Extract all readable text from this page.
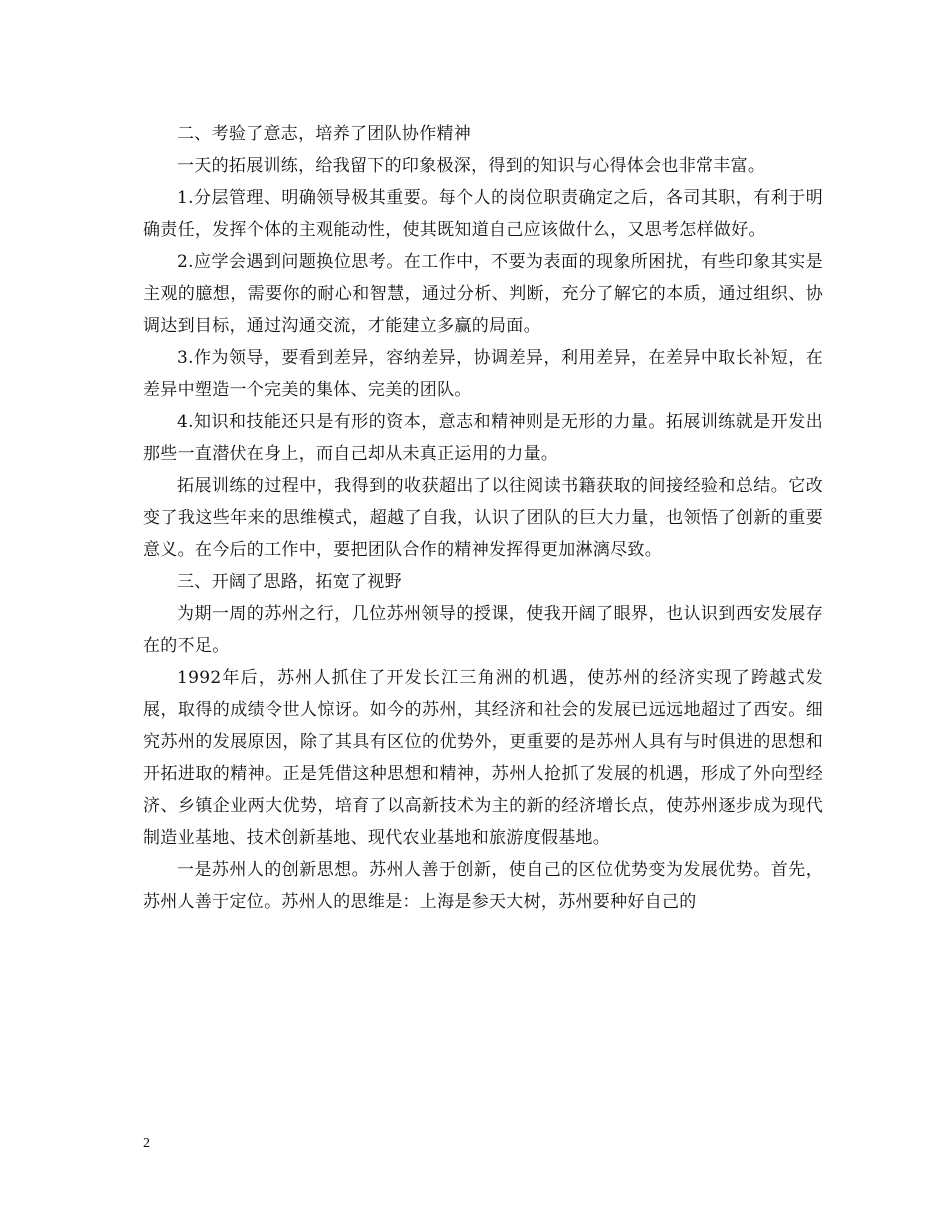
二、考验了意志，培养了团队协作精神

一天的拓展训练，给我留下的印象极深，得到的知识与心得体会也非常丰富。

1.分层管理、明确领导极其重要。每个人的岗位职责确定之后，各司其职，有利于明确责任，发挥个体的主观能动性，使其既知道自己应该做什么，又思考怎样做好。

2.应学会遇到问题换位思考。在工作中，不要为表面的现象所困扰，有些印象其实是主观的臆想，需要你的耐心和智慧，通过分析、判断，充分了解它的本质，通过组织、协调达到目标，通过沟通交流，才能建立多赢的局面。

3.作为领导，要看到差异，容纳差异，协调差异，利用差异，在差异中取长补短，在差异中塑造一个完美的集体、完美的团队。

4.知识和技能还只是有形的资本，意志和精神则是无形的力量。拓展训练就是开发出那些一直潜伏在身上，而自己却从未真正运用的力量。

拓展训练的过程中，我得到的收获超出了以往阅读书籍获取的间接经验和总结。它改变了我这些年来的思维模式，超越了自我，认识了团队的巨大力量，也领悟了创新的重要意义。在今后的工作中，要把团队合作的精神发挥得更加淋漓尽致。

三、开阔了思路，拓宽了视野

为期一周的苏州之行，几位苏州领导的授课，使我开阔了眼界，也认识到西安发展存在的不足。

1992年后，苏州人抓住了开发长江三角洲的机遇，使苏州的经济实现了跨越式发展，取得的成绩令世人惊讶。如今的苏州，其经济和社会的发展已远远地超过了西安。细究苏州的发展原因，除了其具有区位的优势外，更重要的是苏州人具有与时俱进的思想和开拓进取的精神。正是凭借这种思想和精神，苏州人抢抓了发展的机遇，形成了外向型经济、乡镇企业两大优势，培育了以高新技术为主的新的经济增长点，使苏州逐步成为现代制造业基地、技术创新基地、现代农业基地和旅游度假基地。

一是苏州人的创新思想。苏州人善于创新，使自己的区位优势变为发展优势。首先，苏州人善于定位。苏州人的思维是：上海是参天大树，苏州要种好自己的

2
